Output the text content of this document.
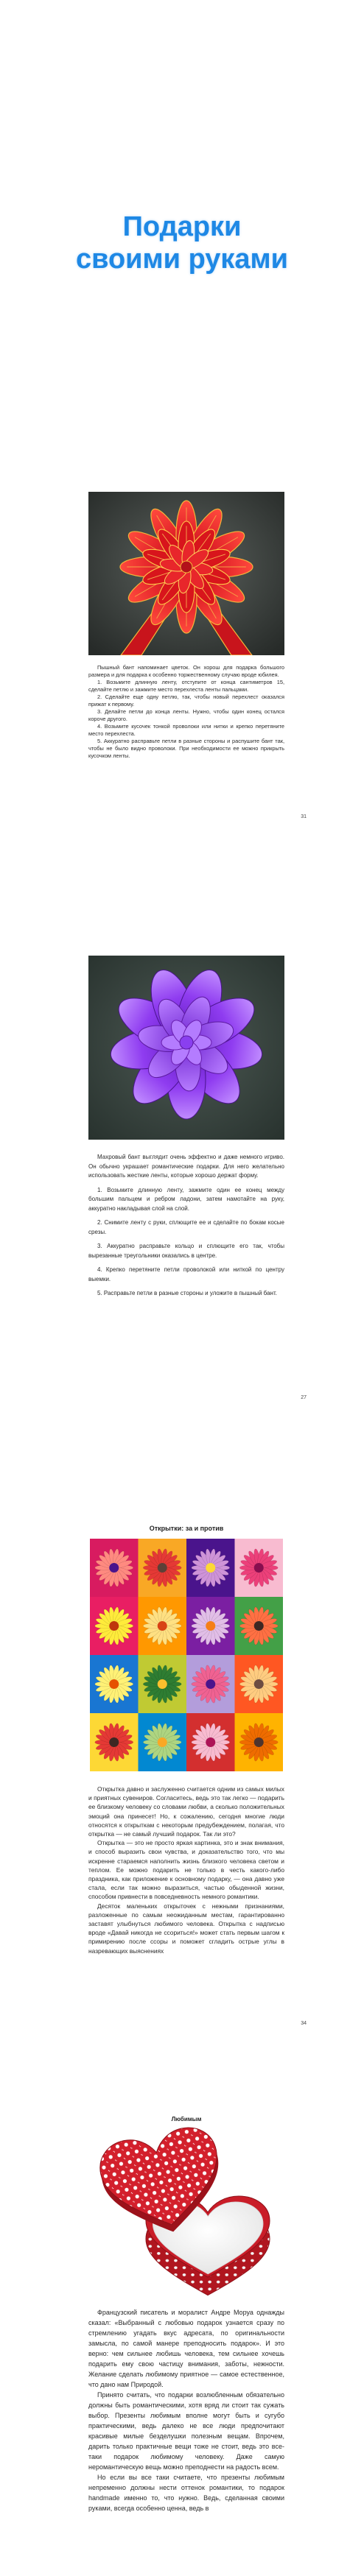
Подарки
своими руками

Пышный бант напоминает цветок. Он хорош для подарка большого размера и для подарка к особенно торжественному случаю вроде юбилея.

1. Возьмите длинную ленту, отступите от конца сантиметров 15, сделайте петлю и зажмите место перехлеста ленты пальцами.

2. Сделайте еще одну петлю, так, чтобы новый перехлест оказался прижат к первому.

3. Делайте петли до конца ленты. Нужно, чтобы один конец остался короче другого.

4. Возьмите кусочек тонкой проволоки или нитки и крепко перетяните место перехлеста.

5. Аккуратно расправьте петли в разные стороны и распушите бант так, чтобы не было видно проволоки. При необходимости ее можно прикрыть кусочком ленты.

31

Махровый бант выглядит очень эффектно и даже немного игриво. Он обычно украшает романтические подарки. Для него желательно использовать жесткие ленты, которые хорошо держат форму.

1. Возьмите длинную ленту, зажмите один ее конец между большим пальцем и ребром ладони, затем намотайте на руку, аккуратно накладывая слой на слой.

2. Снимите ленту с руки, сплющите ее и сделайте по бокам косые срезы.

3. Аккуратно расправьте кольцо и сплющите его так, чтобы вырезанные треугольники оказались в центре.

4. Крепко перетяните петли проволокой или ниткой по центру выемки.

5. Расправьте петли в разные стороны и уложите в пышный бант.

27
Открытки: за и против

Открытка давно и заслуженно считается одним из самых милых и приятных сувениров. Согласитесь, ведь это так легко — подарить ее близкому человеку со словами любви, а сколько положительных эмоций она принесет! Но, к сожалению, сегодня многие люди относятся к открыткам с некоторым предубеждением, полагая, что открытка — не самый лучший подарок. Так ли это?

Открытка — это не просто яркая картинка, это и знак внимания, и способ выразить свои чувства, и доказательство того, что мы искренне стараемся наполнить жизнь близкого человека светом и теплом. Ее можно подарить не только в честь какого-либо праздника, как приложение к основному подарку, — она давно уже стала, если так можно выразиться, частью обыденной жизни, способом привнести в повседневность немного романтики.

Десяток маленьких открыточек с нежными признаниями, разложенные по самым неожиданным местам, гарантированно заставят улыбнуться любимого человека. Открытка с надписью вроде «Давай никогда не ссориться!» может стать первым шагом к примирению после ссоры и поможет сгладить острые углы в назревающих выяснениях

34
Любимым

Французский писатель и моралист Андре Моруа однажды сказал: «Выбранный с любовью подарок узнается сразу по стремлению угадать вкус адресата, по оригинальности замысла, по самой манере преподносить подарок». И это верно: чем сильнее любишь человека, тем сильнее хочешь подарить ему свою частицу внимания, заботы, нежности. Желание сделать любимому приятное — самое естественное, что дано нам Природой.

Принято считать, что подарки возлюбленным обязательно должны быть романтическими, хотя вряд ли стоит так сужать выбор. Презенты любимым вполне могут быть и сугубо практическими, ведь далеко не все люди предпочитают красивые милые безделушки полезным вещам. Впрочем, дарить только практичные вещи тоже не стоит, ведь это все-таки подарок любимому человеку. Даже самую неромантическую вещь можно преподнести на радость всем.

Но если вы все таки считаете, что презенты любимым непременно должны нести оттенок романтики, то подарок handmade именно то, что нужно. Ведь, сделанная своими руками, всегда особенно ценна, ведь в
